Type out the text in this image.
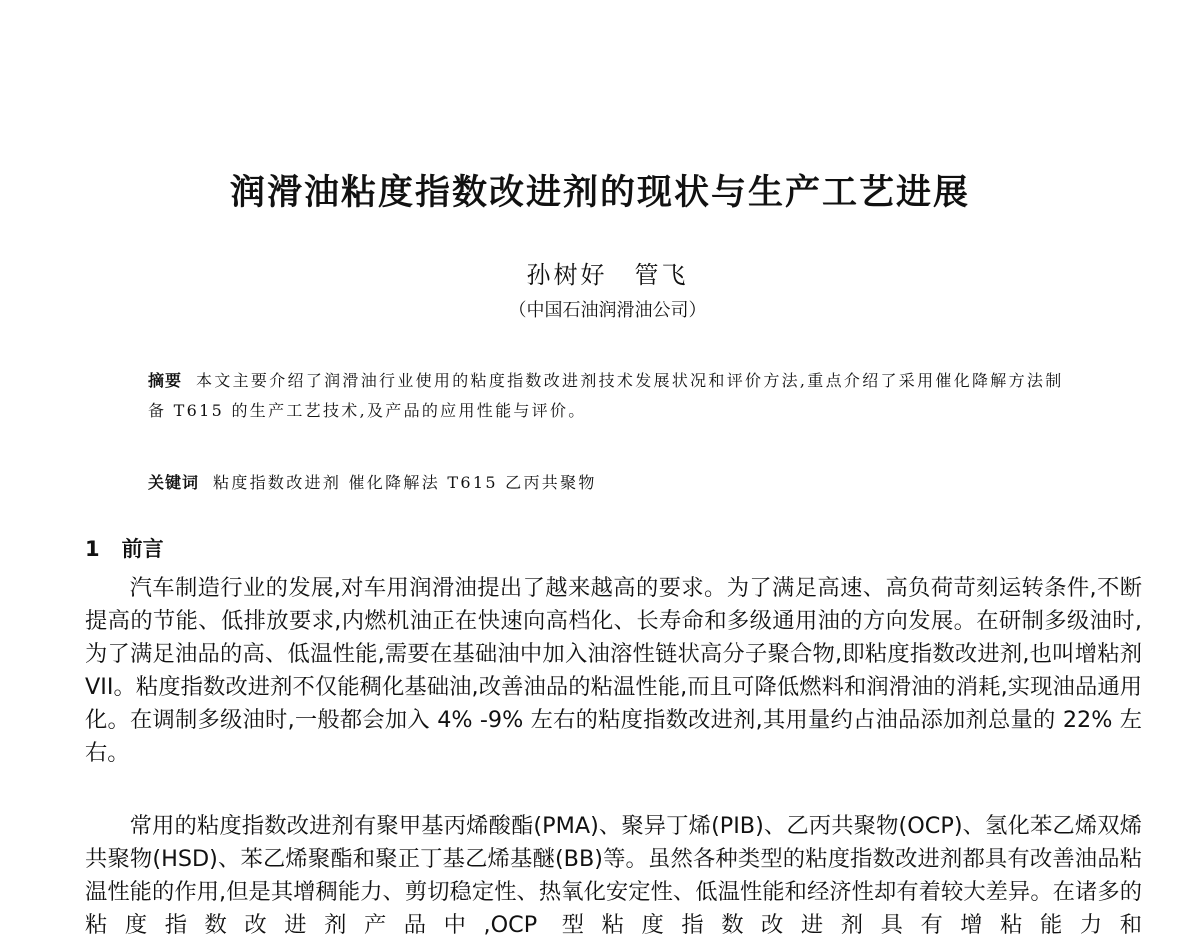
润滑油粘度指数改进剂的现状与生产工艺进展
孙树好　管飞
（中国石油润滑油公司）
摘要 本文主要介绍了润滑油行业使用的粘度指数改进剂技术发展状况和评价方法,重点介绍了采用催化降解方法制备 T615 的生产工艺技术,及产品的应用性能与评价。
关键词 粘度指数改进剂 催化降解法 T615 乙丙共聚物
1 前言

汽车制造行业的发展,对车用润滑油提出了越来越高的要求。为了满足高速、高负荷苛刻运转条件,不断提高的节能、低排放要求,内燃机油正在快速向高档化、长寿命和多级通用油的方向发展。在研制多级油时,为了满足油品的高、低温性能,需要在基础油中加入油溶性链状高分子聚合物,即粘度指数改进剂,也叫增粘剂 VII。粘度指数改进剂不仅能稠化基础油,改善油品的粘温性能,而且可降低燃料和润滑油的消耗,实现油品通用化。在调制多级油时,一般都会加入 4% -9% 左右的粘度指数改进剂,其用量约占油品添加剂总量的 22% 左右。

常用的粘度指数改进剂有聚甲基丙烯酸酯(PMA)、聚异丁烯(PIB)、乙丙共聚物(OCP)、氢化苯乙烯双烯共聚物(HSD)、苯乙烯聚酯和聚正丁基乙烯基醚(BB)等。虽然各种类型的粘度指数改进剂都具有改善油品粘温性能的作用,但是其增稠能力、剪切稳定性、热氧化安定性、低温性能和经济性却有着较大差异。在诸多的粘度指数改进剂产品中,OCP 型粘度指数改进剂具有增粘能力和
